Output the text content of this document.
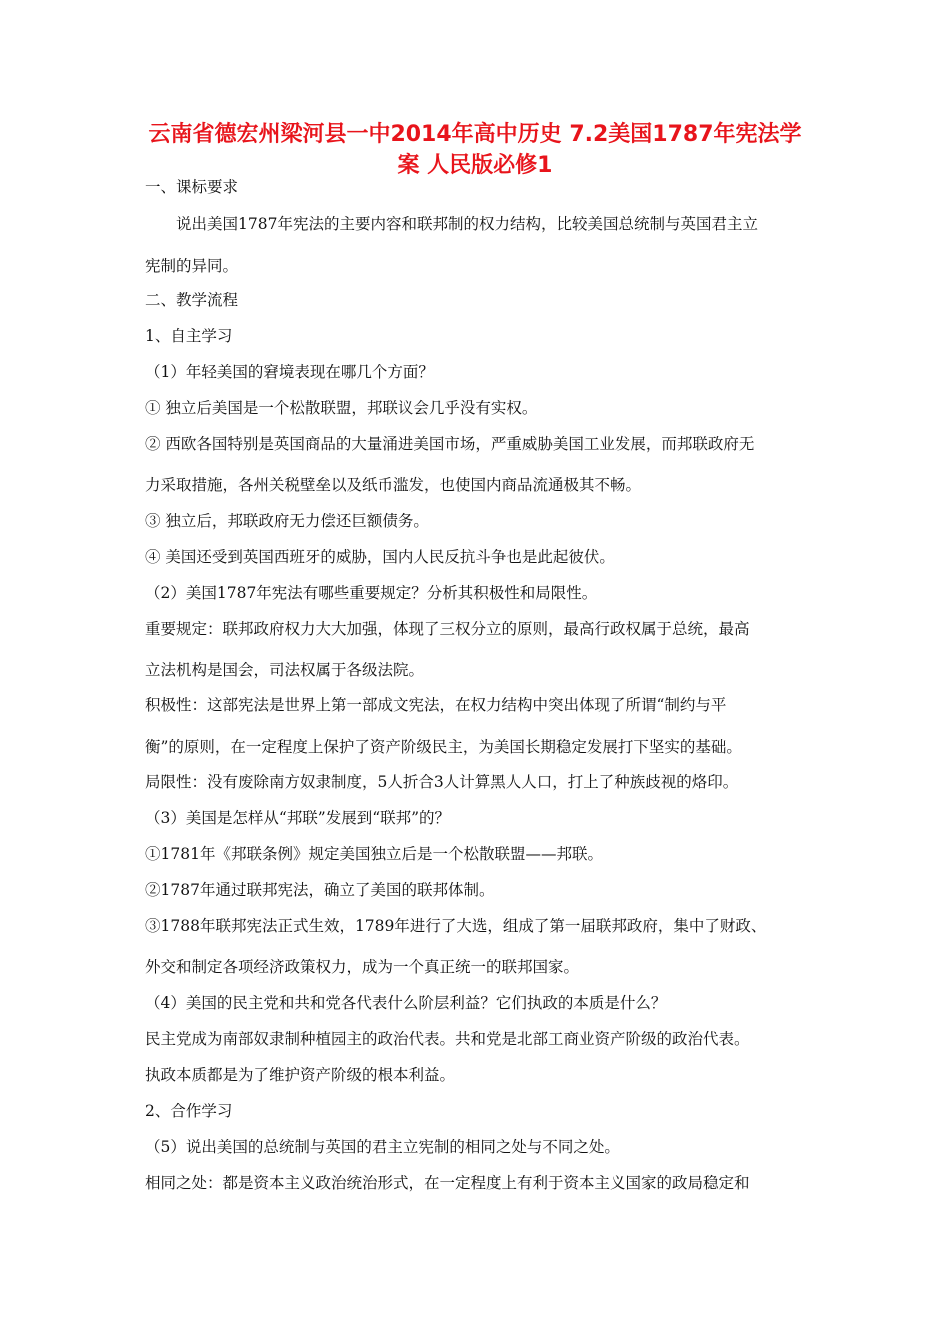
云南省德宏州梁河县一中2014年高中历史 7.2美国1787年宪法学
案 人民版必修1
一、课标要求
说出美国1787年宪法的主要内容和联邦制的权力结构，比较美国总统制与英国君主立
宪制的异同。
二、教学流程
1、自主学习
（1）年轻美国的窘境表现在哪几个方面？
① 独立后美国是一个松散联盟，邦联议会几乎没有实权。
② 西欧各国特别是英国商品的大量涌进美国市场，严重威胁美国工业发展，而邦联政府无
力采取措施，各州关税壁垒以及纸币滥发，也使国内商品流通极其不畅。
③ 独立后，邦联政府无力偿还巨额债务。
④ 美国还受到英国西班牙的威胁，国内人民反抗斗争也是此起彼伏。
（2）美国1787年宪法有哪些重要规定？分析其积极性和局限性。
重要规定：联邦政府权力大大加强，体现了三权分立的原则，最高行政权属于总统，最高
立法机构是国会，司法权属于各级法院。
积极性：这部宪法是世界上第一部成文宪法，在权力结构中突出体现了所谓“制约与平
衡”的原则，在一定程度上保护了资产阶级民主，为美国长期稳定发展打下坚实的基础。
局限性：没有废除南方奴隶制度，5人折合3人计算黑人人口，打上了种族歧视的烙印。
（3）美国是怎样从“邦联”发展到“联邦”的？
①1781年《邦联条例》规定美国独立后是一个松散联盟——邦联。
②1787年通过联邦宪法，确立了美国的联邦体制。
③1788年联邦宪法正式生效，1789年进行了大选，组成了第一届联邦政府，集中了财政、
外交和制定各项经济政策权力，成为一个真正统一的联邦国家。
（4）美国的民主党和共和党各代表什么阶层利益？它们执政的本质是什么？
民主党成为南部奴隶制种植园主的政治代表。共和党是北部工商业资产阶级的政治代表。
执政本质都是为了维护资产阶级的根本利益。
2、合作学习
（5）说出美国的总统制与英国的君主立宪制的相同之处与不同之处。
相同之处：都是资本主义政治统治形式，在一定程度上有利于资本主义国家的政局稳定和
